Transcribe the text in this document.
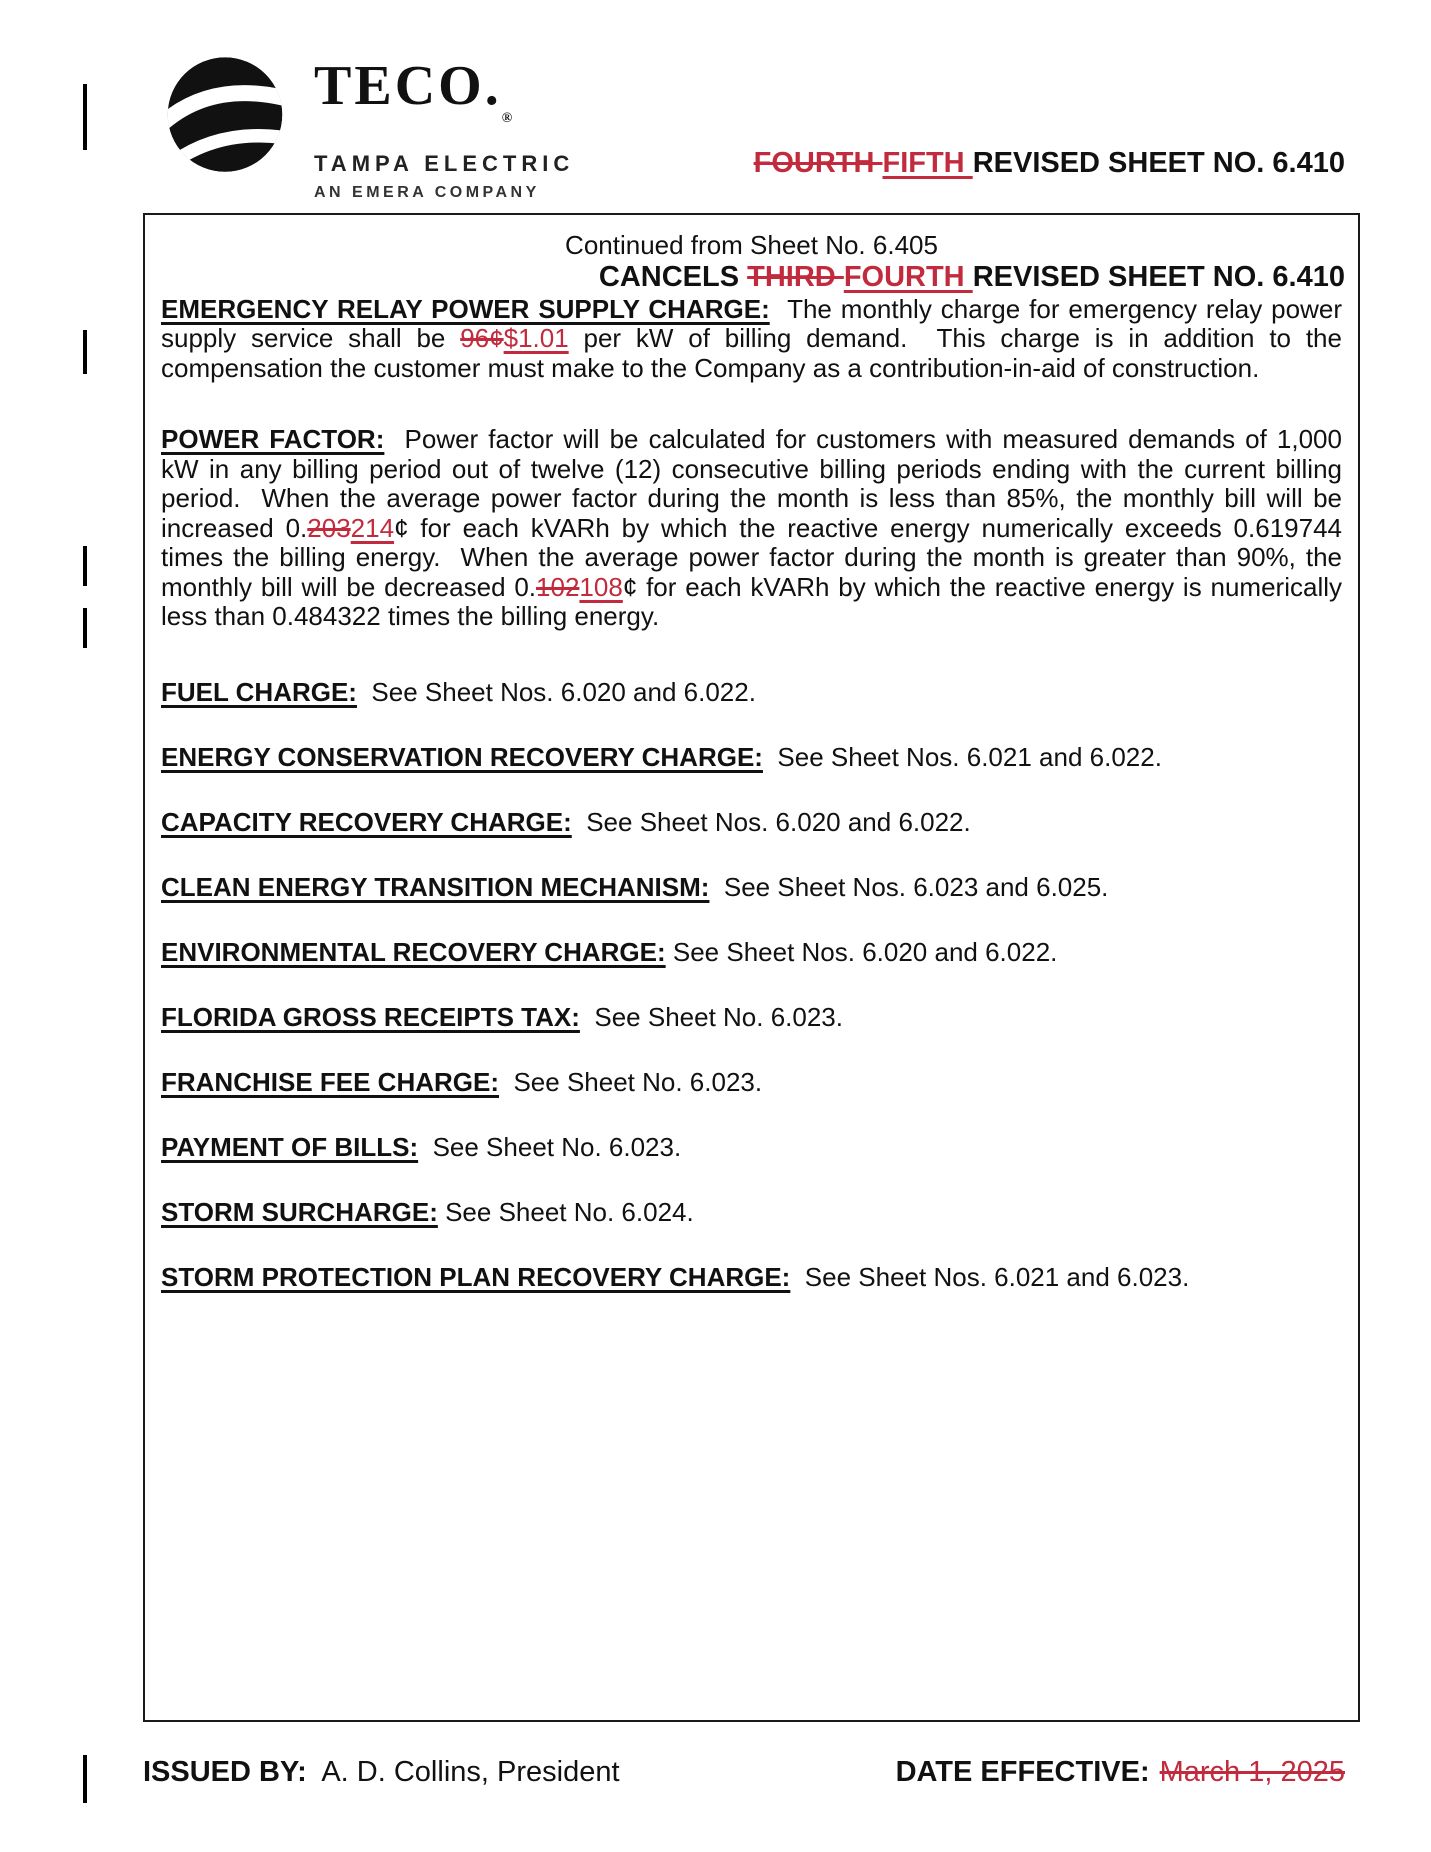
$TECO._®$
TAMPA ELECTRIC
AN EMERA COMPANY

FOURTH FIFTH REVISED SHEET NO. 6.410

CANCELS THIRD FOURTH REVISED SHEET NO. 6.410

Continued from Sheet No. 6.405

EMERGENCY RELAY POWER SUPPLY CHARGE:  The monthly charge for emergency relay power supply service shall be 96¢$1.01 per kW of billing demand.  This charge is in addition to the compensation the customer must make to the Company as a contribution-in-aid of construction.

POWER FACTOR:  Power factor will be calculated for customers with measured demands of 1,000 kW in any billing period out of twelve (12) consecutive billing periods ending with the current billing period.  When the average power factor during the month is less than 85%, the monthly bill will be increased 0.203214¢ for each kVARh by which the reactive energy numerically exceeds 0.619744 times the billing energy.  When the average power factor during the month is greater than 90%, the monthly bill will be decreased 0.102108¢ for each kVARh by which the reactive energy is numerically less than 0.484322 times the billing energy.

FUEL CHARGE:  See Sheet Nos. 6.020 and 6.022.

ENERGY CONSERVATION RECOVERY CHARGE:  See Sheet Nos. 6.021 and 6.022.

CAPACITY RECOVERY CHARGE:  See Sheet Nos. 6.020 and 6.022.

CLEAN ENERGY TRANSITION MECHANISM:  See Sheet Nos. 6.023 and 6.025.

ENVIRONMENTAL RECOVERY CHARGE: See Sheet Nos. 6.020 and 6.022.

FLORIDA GROSS RECEIPTS TAX:  See Sheet No. 6.023.

FRANCHISE FEE CHARGE:  See Sheet No. 6.023.

PAYMENT OF BILLS:  See Sheet No. 6.023.

STORM SURCHARGE: See Sheet No. 6.024.

STORM PROTECTION PLAN RECOVERY CHARGE:  See Sheet Nos. 6.021 and 6.023.

ISSUED BY:  A. D. Collins, President	DATE EFFECTIVE: March 1, 2025
